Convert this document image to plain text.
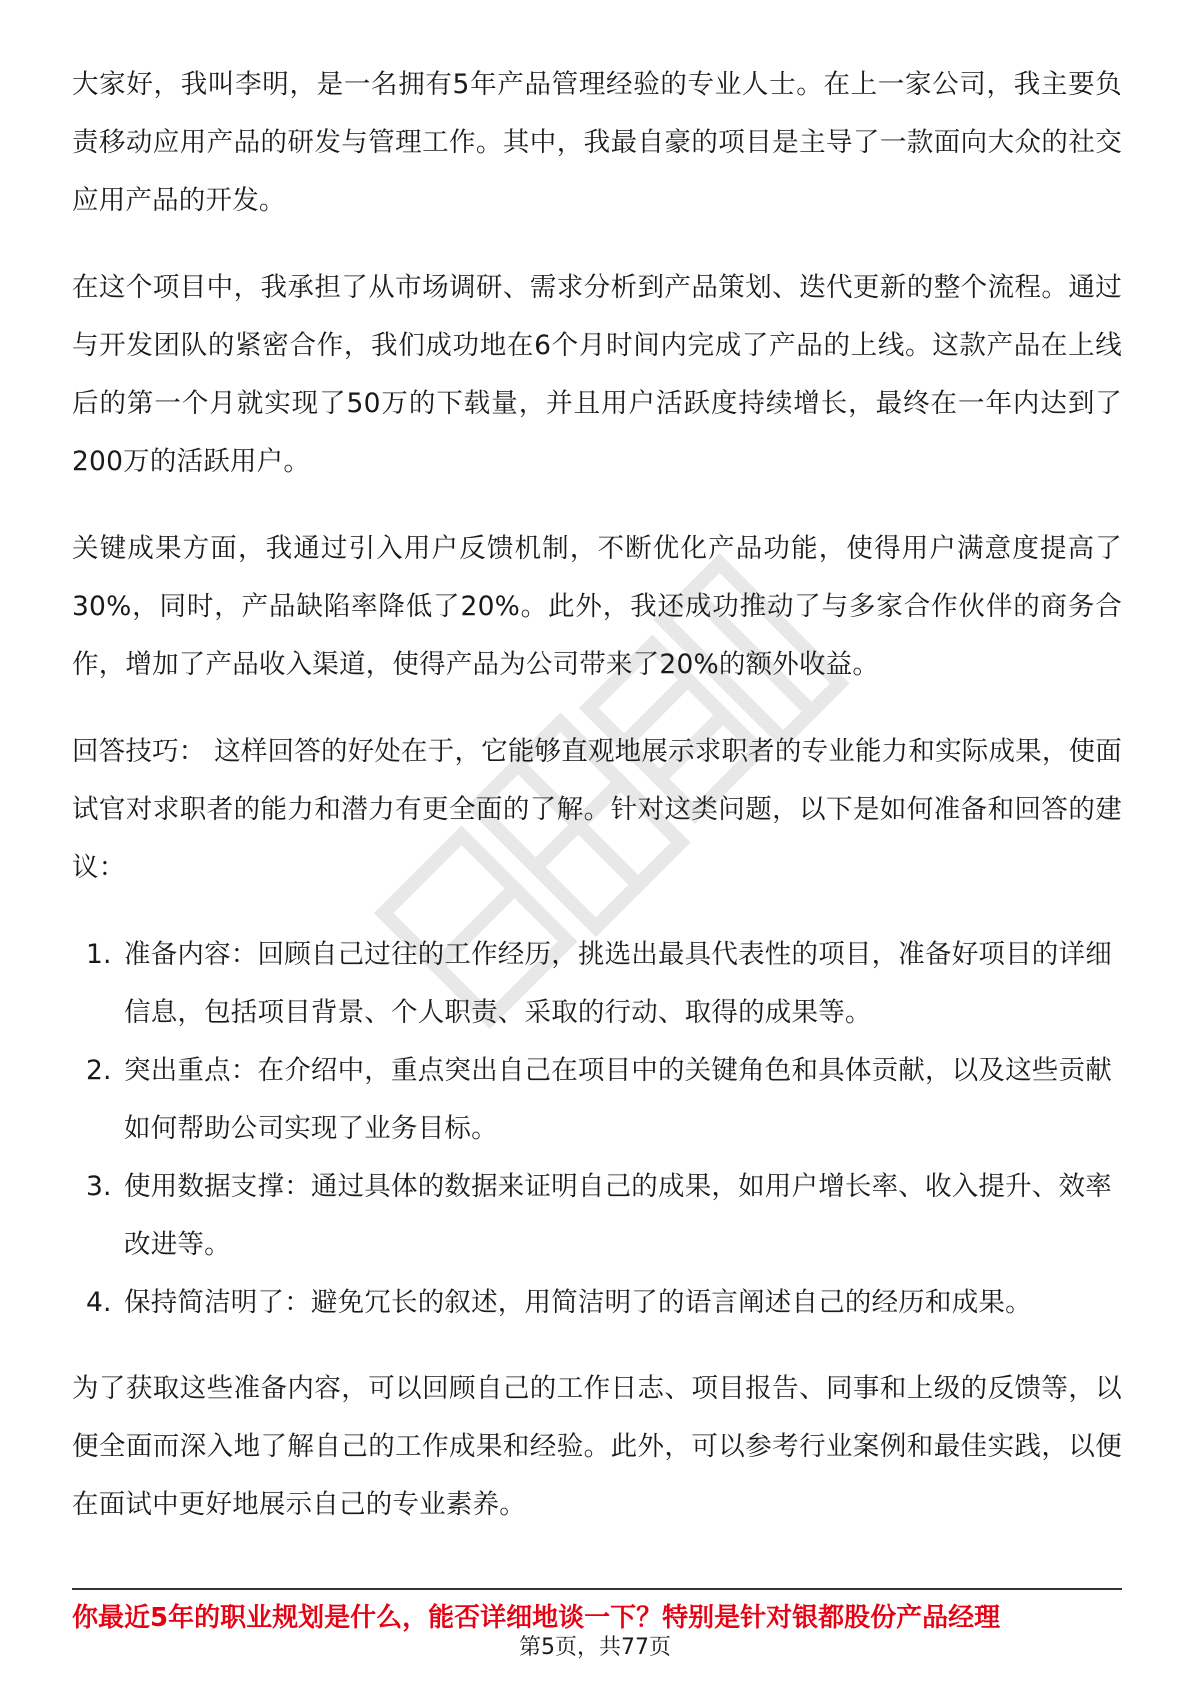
大家好，我叫李明，是一名拥有5年产品管理经验的专业人士。在上一家公司，我主要负责移动应用产品的研发与管理工作。其中，我最自豪的项目是主导了一款面向大众的社交应用产品的开发。

在这个项目中，我承担了从市场调研、需求分析到产品策划、迭代更新的整个流程。通过与开发团队的紧密合作，我们成功地在6个月时间内完成了产品的上线。这款产品在上线后的第一个月就实现了50万的下载量，并且用户活跃度持续增长，最终在一年内达到了200万的活跃用户。

关键成果方面，我通过引入用户反馈机制，不断优化产品功能，使得用户满意度提高了30%，同时，产品缺陷率降低了20%。此外，我还成功推动了与多家合作伙伴的商务合作，增加了产品收入渠道，使得产品为公司带来了20%的额外收益。

回答技巧： 这样回答的好处在于，它能够直观地展示求职者的专业能力和实际成果，使面试官对求职者的能力和潜力有更全面的了解。针对这类问题，以下是如何准备和回答的建议：

1. 准备内容：回顾自己过往的工作经历，挑选出最具代表性的项目，准备好项目的详细信息，包括项目背景、个人职责、采取的行动、取得的成果等。
2. 突出重点：在介绍中，重点突出自己在项目中的关键角色和具体贡献，以及这些贡献如何帮助公司实现了业务目标。
3. 使用数据支撑：通过具体的数据来证明自己的成果，如用户增长率、收入提升、效率改进等。
4. 保持简洁明了：避免冗长的叙述，用简洁明了的语言阐述自己的经历和成果。

为了获取这些准备内容，可以回顾自己的工作日志、项目报告、同事和上级的反馈等，以便全面而深入地了解自己的工作成果和经验。此外，可以参考行业案例和最佳实践，以便在面试中更好地展示自己的专业素养。

你最近5年的职业规划是什么，能否详细地谈一下？特别是针对银都股份产品经理
第5页，共77页
